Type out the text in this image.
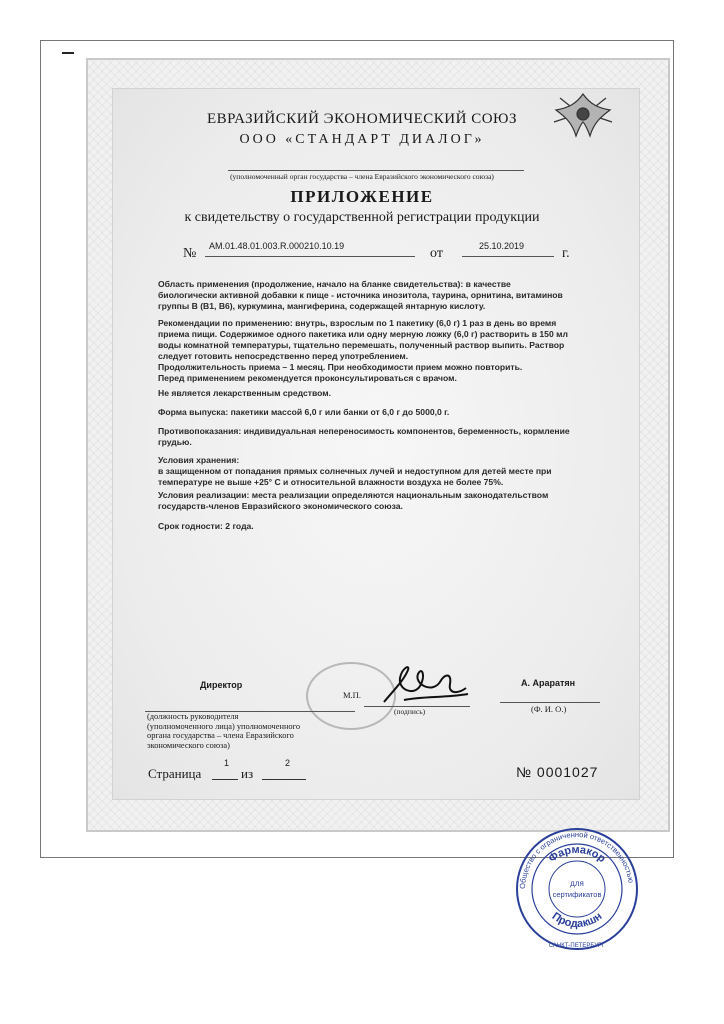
ЕВРАЗИЙСКИЙ ЭКОНОМИЧЕСКИЙ СОЮЗ
ООО «СТАНДАРТ ДИАЛОГ»
(уполномоченный орган государства – члена Евразийского экономического союза)
ПРИЛОЖЕНИЕ
к свидетельству о государственной регистрации продукции
№ AM.01.48.01.003.R.000210.10.19	от	25.10.2019	г.
Область применения (продолжение, начало на бланке свидетельства): в качестве
биологически активной добавки к пище - источника инозитола, таурина, орнитина, витаминов
группы В (В1, В6), куркумина, мангиферина, содержащей янтарную кислоту.
Рекомендации по применению: внутрь, взрослым по 1 пакетику (6,0 г) 1 раз в день во время
приема пищи. Содержимое одного пакетика или одну мерную ложку (6,0 г) растворить в 150 мл
воды комнатной температуры, тщательно перемешать, полученный раствор выпить. Раствор
следует готовить непосредственно перед употреблением.
Продолжительность приема – 1 месяц. При необходимости прием можно повторить.
Перед применением рекомендуется проконсультироваться с врачом.
Не является лекарственным средством.
Форма выпуска: пакетики массой 6,0 г или банки от 6,0 г до 5000,0 г.
Противопоказания: индивидуальная непереносимость компонентов, беременность, кормление
грудью.
Условия хранения:
в защищенном от попадания прямых солнечных лучей и недоступном для детей месте при
температуре не выше +25° С и относительной влажности воздуха не более 75%.
Условия реализации: места реализации определяются национальным законодательством
государств-членов Евразийского экономического союза.
Срок годности: 2 года.
Директор
М.П.
(подпись)
А. Араратян
(Ф. И. О.)
(должность руководителя
(уполномоченного лица) уполномоченного
органа государства – члена Евразийского
экономического союза)
Страница
1
из
2
№ 0001027
Общество с ограниченной ответственностью
Фармакор
Продакшн
для
сертификатов
САНКТ-ПЕТЕРБУРГ
